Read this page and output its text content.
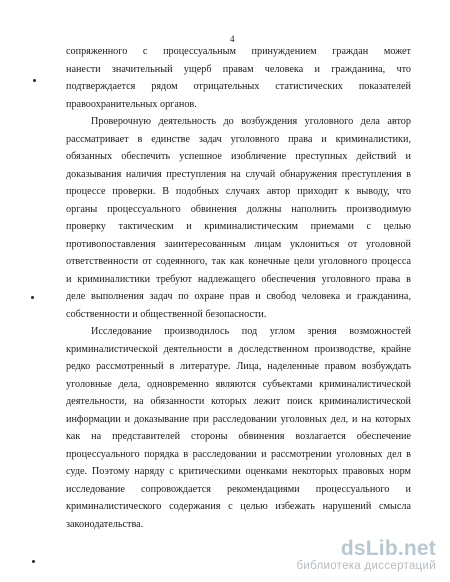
4
сопряженного с процессуальным принуждением граждан может
нанести значительный ущерб правам человека и гражданина, что
подтверждается рядом отрицательных статистических показателей
правоохранительных органов.
Проверочную деятельность до возбуждения уголовного дела автор
рассматривает в единстве задач уголовного права и криминалистики,
обязанных обеспечить успешное изобличение преступных действий и
доказывания наличия преступления на случай обнаружения преступления в
процессе проверки. В подобных случаях автор приходит к выводу, что
органы процессуального обвинения должны наполнить производимую
проверку тактическим и криминалистическим приемами с целью
противопоставления заинтересованным лицам уклониться от уголовной
ответственности от содеянного, так как конечные цели уголовного процесса
и криминалистики требуют надлежащего обеспечения уголовного права в
деле выполнения задач по охране прав и свобод человека и гражданина,
собственности и общественной безопасности.
Исследование производилось под углом зрения возможностей
криминалистической деятельности в доследственном производстве, крайне
редко рассмотренный в литературе. Лица, наделенные правом возбуждать
уголовные дела, одновременно являются субъектами криминалистической
деятельности, на обязанности которых лежит поиск криминалистической
информации и доказывание при расследовании уголовных дел, и на которых
как на представителей стороны обвинения возлагается обеспечение
процессуального порядка в расследовании и рассмотрении уголовных дел в
суде. Поэтому наряду с критическими оценками некоторых правовых норм
исследование сопровождается рекомендациями процессуального и
криминалистического содержания с целью избежать нарушений смысла
законодательства.
dsLib.net
библиотека диссертаций
